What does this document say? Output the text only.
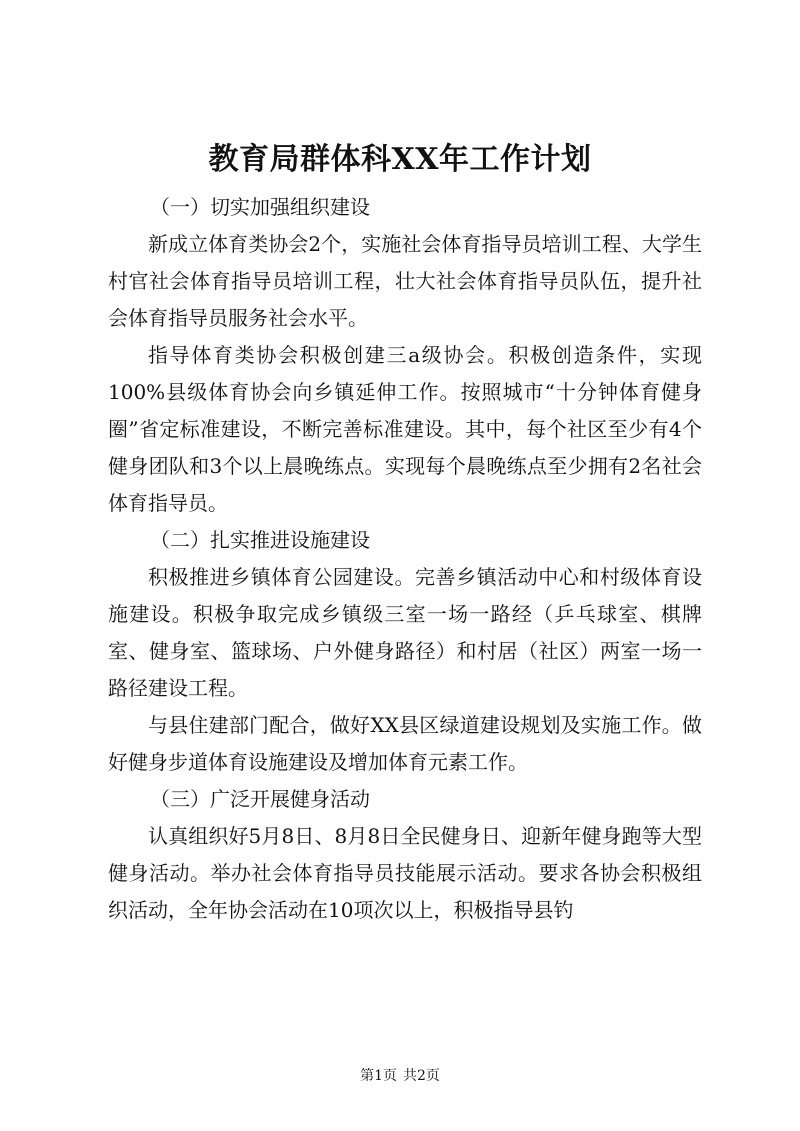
教育局群体科XX年工作计划

（一）切实加强组织建设

新成立体育类协会2个，实施社会体育指导员培训工程、大学生村官社会体育指导员培训工程，壮大社会体育指导员队伍，提升社会体育指导员服务社会水平。

指导体育类协会积极创建三a级协会。积极创造条件，实现100%县级体育协会向乡镇延伸工作。按照城市“十分钟体育健身圈”省定标准建设，不断完善标准建设。其中，每个社区至少有4个健身团队和3个以上晨晚练点。实现每个晨晚练点至少拥有2名社会体育指导员。

（二）扎实推进设施建设

积极推进乡镇体育公园建设。完善乡镇活动中心和村级体育设施建设。积极争取完成乡镇级三室一场一路经（乒乓球室、棋牌室、健身室、篮球场、户外健身路径）和村居（社区）两室一场一路径建设工程。

与县住建部门配合，做好XX县区绿道建设规划及实施工作。做好健身步道体育设施建设及增加体育元素工作。

（三）广泛开展健身活动

认真组织好5月8日、8月8日全民健身日、迎新年健身跑等大型健身活动。举办社会体育指导员技能展示活动。要求各协会积极组织活动，全年协会活动在10项次以上，积极指导县钓

第1页 共2页
